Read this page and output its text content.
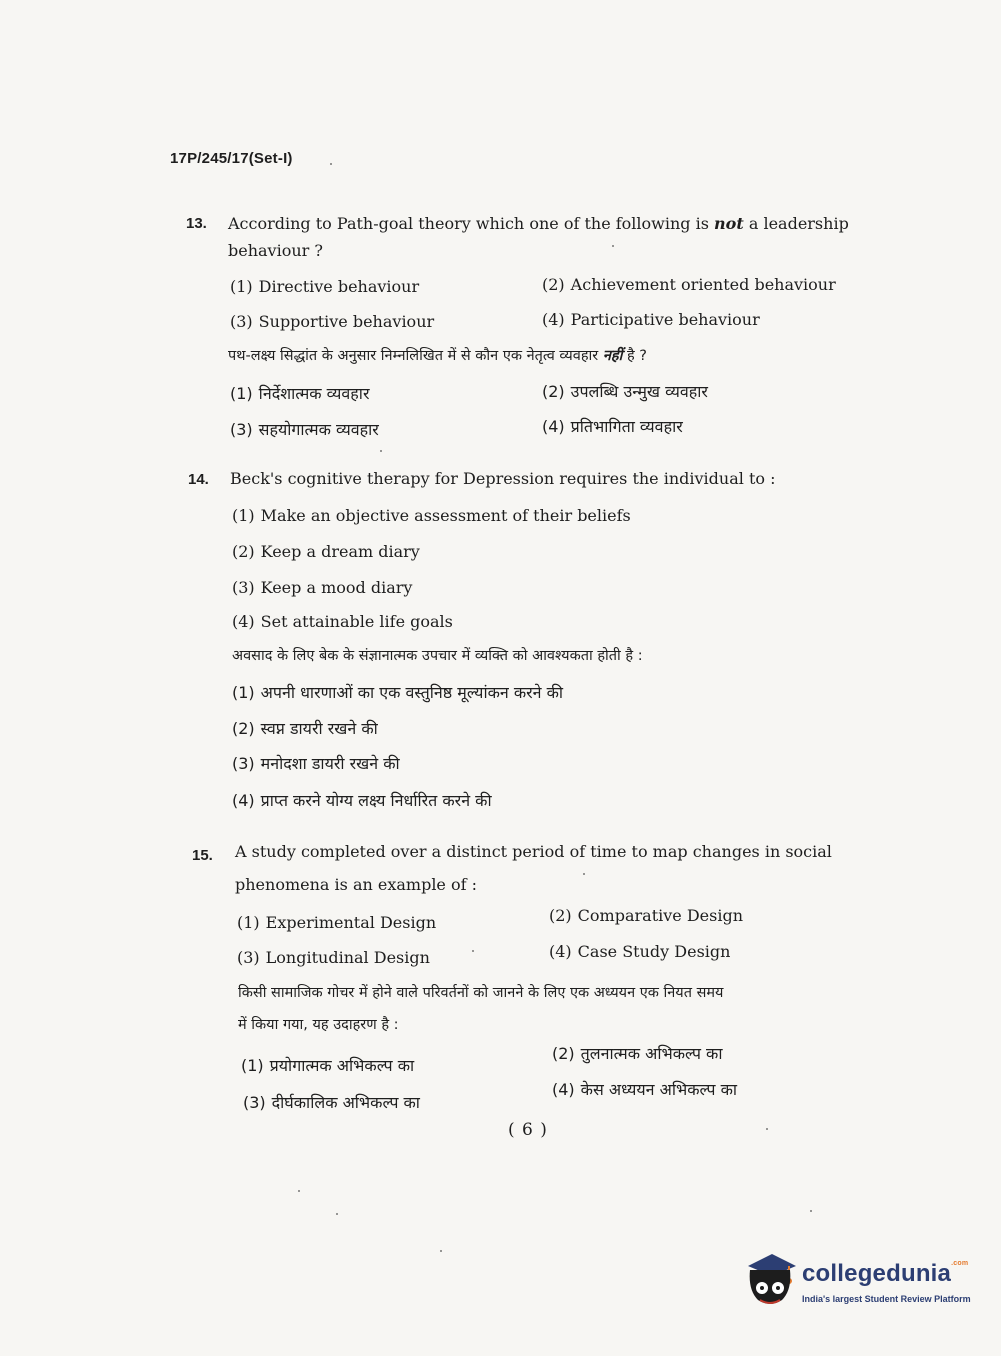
17P/245/17(Set-I)
13. According to Path-goal theory which one of the following is not a leadership
behaviour ?
(1) Directive behaviour	(2) Achievement oriented behaviour
(3) Supportive behaviour	(4) Participative behaviour
पथ-लक्ष्य सिद्धांत के अनुसार निम्नलिखित में से कौन एक नेतृत्व व्यवहार नहीं है ?
(1) निर्देशात्मक व्यवहार	(2) उपलब्धि उन्मुख व्यवहार
(3) सहयोगात्मक व्यवहार	(4) प्रतिभागिता व्यवहार
14. Beck's cognitive therapy for Depression requires the individual to :
(1) Make an objective assessment of their beliefs
(2) Keep a dream diary
(3) Keep a mood diary
(4) Set attainable life goals
अवसाद के लिए बेक के संज्ञानात्मक उपचार में व्यक्ति को आवश्यकता होती है :
(1) अपनी धारणाओं का एक वस्तुनिष्ठ मूल्यांकन करने की
(2) स्वप्न डायरी रखने की
(3) मनोदशा डायरी रखने की
(4) प्राप्त करने योग्य लक्ष्य निर्धारित करने की
15. A study completed over a distinct period of time to map changes in social
phenomena is an example of :
(1) Experimental Design	(2) Comparative Design
(3) Longitudinal Design	(4) Case Study Design
किसी सामाजिक गोचर में होने वाले परिवर्तनों को जानने के लिए एक अध्ययन एक नियत समय
में किया गया, यह उदाहरण है :
(1) प्रयोगात्मक अभिकल्प का
(2) तुलनात्मक अभिकल्प का
(3) दीर्घकालिक अभिकल्प का
(4) केस अध्ययन अभिकल्प का
( 6 )
collegedunia$^{.com}$
India's largest Student Review Platform
